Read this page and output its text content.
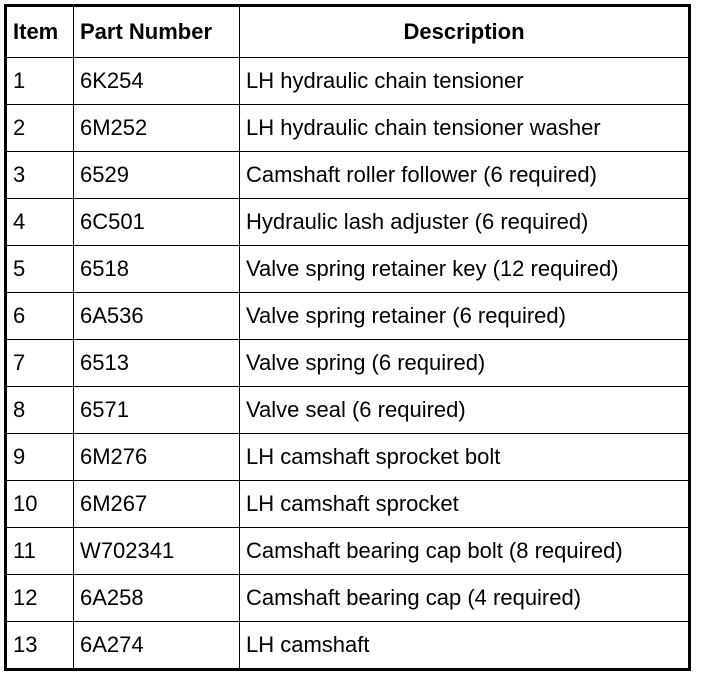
Item	Part Number	Description
1	6K254	LH hydraulic chain tensioner
2	6M252	LH hydraulic chain tensioner washer
3	6529	Camshaft roller follower (6 required)
4	6C501	Hydraulic lash adjuster (6 required)
5	6518	Valve spring retainer key (12 required)
6	6A536	Valve spring retainer (6 required)
7	6513	Valve spring (6 required)
8	6571	Valve seal (6 required)
9	6M276	LH camshaft sprocket bolt
10	6M267	LH camshaft sprocket
11	W702341	Camshaft bearing cap bolt (8 required)
12	6A258	Camshaft bearing cap (4 required)
13	6A274	LH camshaft
